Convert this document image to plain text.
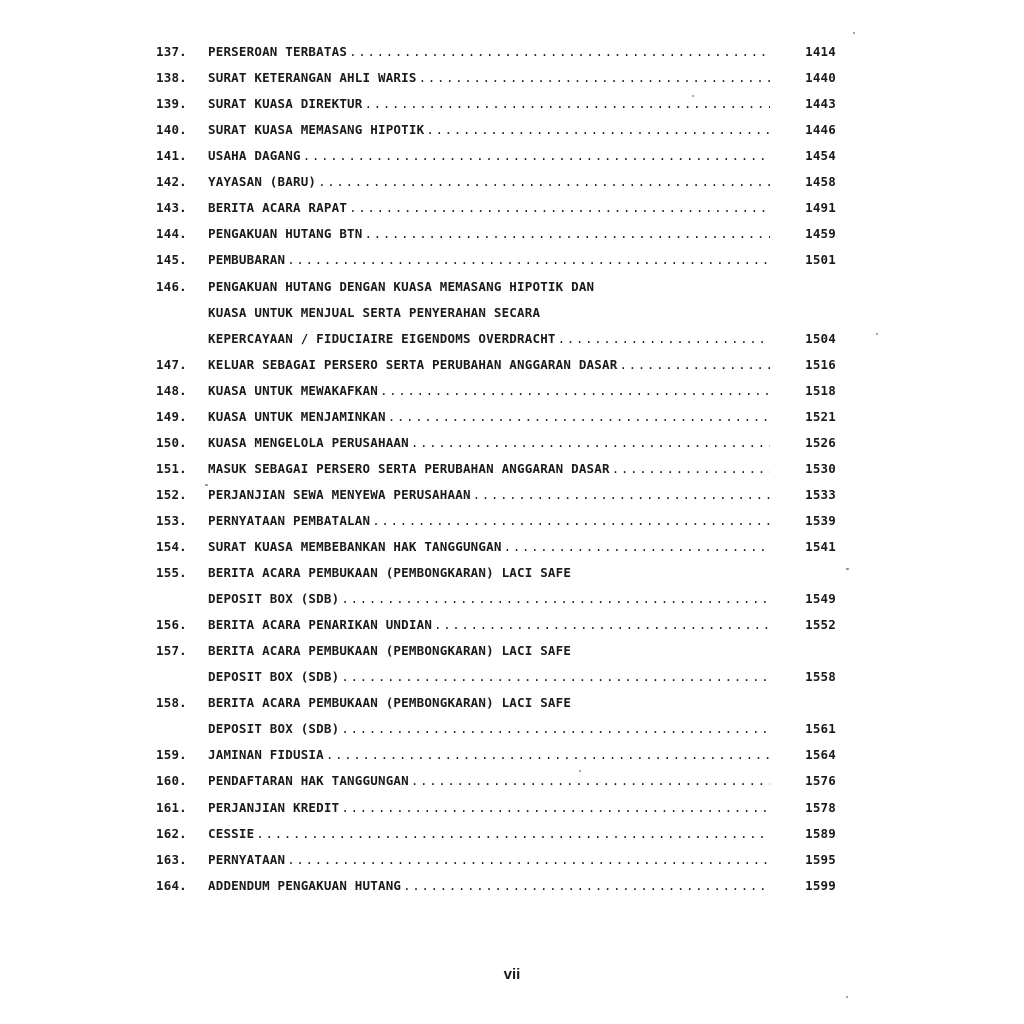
137.	PERSEROAN TERBATAS .....	1414
138.	SURAT KETERANGAN AHLI WARIS .....	1440
139.	SURAT KUASA DIREKTUR .....	1443
140.	SURAT KUASA MEMASANG HIPOTIK .....	1446
141.	USAHA DAGANG .....	1454
142.	YAYASAN (BARU) .....	1458
143.	BERITA ACARA RAPAT .....	1491
144.	PENGAKUAN HUTANG BTN .....	1459
145.	PEMBUBARAN .....	1501
146.	PENGAKUAN HUTANG DENGAN KUASA MEMASANG HIPOTIK DAN
KUASA UNTUK MENJUAL SERTA PENYERAHAN SECARA
KEPERCAYAAN / FIDUCIAIRE EIGENDOMS OVERDRACHT .....	1504
147.	KELUAR SEBAGAI PERSERO SERTA PERUBAHAN ANGGARAN DASAR .....	1516
148.	KUASA UNTUK MEWAKAFKAN .....	1518
149.	KUASA UNTUK MENJAMINKAN .....	1521
150.	KUASA MENGELOLA PERUSAHAAN .....	1526
151.	MASUK SEBAGAI PERSERO SERTA PERUBAHAN ANGGARAN DASAR .....	1530
152.	PERJANJIAN SEWA MENYEWA PERUSAHAAN .....	1533
153.	PERNYATAAN PEMBATALAN .....	1539
154.	SURAT KUASA MEMBEBANKAN HAK TANGGUNGAN .....	1541
155.	BERITA ACARA PEMBUKAAN (PEMBONGKARAN) LACI SAFE
DEPOSIT BOX (SDB) .....	1549
156.	BERITA ACARA PENARIKAN UNDIAN .....	1552
157.	BERITA ACARA PEMBUKAAN (PEMBONGKARAN) LACI SAFE
DEPOSIT BOX (SDB) .....	1558
158.	BERITA ACARA PEMBUKAAN (PEMBONGKARAN) LACI SAFE
DEPOSIT BOX (SDB) .....	1561
159.	JAMINAN FIDUSIA .....	1564
160.	PENDAFTARAN HAK TANGGUNGAN .....	1576
161.	PERJANJIAN KREDIT .....	1578
162.	CESSIE .....	1589
163.	PERNYATAAN .....	1595
164.	ADDENDUM PENGAKUAN HUTANG .....	1599
vii
